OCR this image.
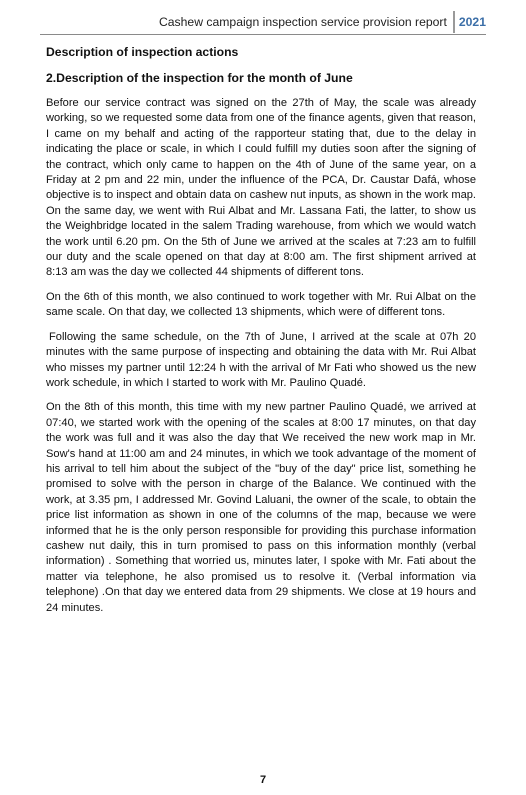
Cashew campaign inspection service provision report 2021
Description of inspection actions
2.Description of the inspection for the month of June

Before our service contract was signed on the 27th of May, the scale was already working, so we requested some data from one of the finance agents, given that reason, I came on my behalf and acting of the rapporteur stating that, due to the delay in indicating the place or scale, in which I could fulfill my duties soon after the signing of the contract, which only came to happen on the 4th of June of the same year, on a Friday at 2 pm and 22 min, under the influence of the PCA, Dr. Caustar Dafá, whose objective is to inspect and obtain data on cashew nut inputs, as shown in the work map. On the same day, we went with Rui Albat and Mr. Lassana Fati, the latter, to show us the Weighbridge located in the salem Trading warehouse, from which we would watch the work until 6.20 pm. On the 5th of June we arrived at the scales at 7:23 am to fulfill our duty and the scale opened on that day at 8:00 am. The first shipment arrived at 8:13 am was the day we collected 44 shipments of different tons.

On the 6th of this month, we also continued to work together with Mr. Rui Albat on the same scale. On that day, we collected 13 shipments, which were of different tons.

Following the same schedule, on the 7th of June, I arrived at the scale at 07h 20 minutes with the same purpose of inspecting and obtaining the data with Mr. Rui Albat who misses my partner until 12:24 h with the arrival of Mr Fati who showed us the new work schedule, in which I started to work with Mr. Paulino Quadé.

On the 8th of this month, this time with my new partner Paulino Quadé, we arrived at 07:40, we started work with the opening of the scales at 8:00 17 minutes, on that day the work was full and it was also the day that We received the new work map in Mr. Sow's hand at 11:00 am and 24 minutes, in which we took advantage of the moment of his arrival to tell him about the subject of the "buy of the day" price list, something he promised to solve with the person in charge of the Balance. We continued with the work, at 3.35 pm, I addressed Mr. Govind Laluani, the owner of the scale, to obtain the price list information as shown in one of the columns of the map, because we were informed that he is the only person responsible for providing this purchase information cashew nut daily, this in turn promised to pass on this information monthly (verbal information) . Something that worried us, minutes later, I spoke with Mr. Fati about the matter via telephone, he also promised us to resolve it. (Verbal information via telephone) .On that day we entered data from 29 shipments. We close at 19 hours and 24 minutes.

7
